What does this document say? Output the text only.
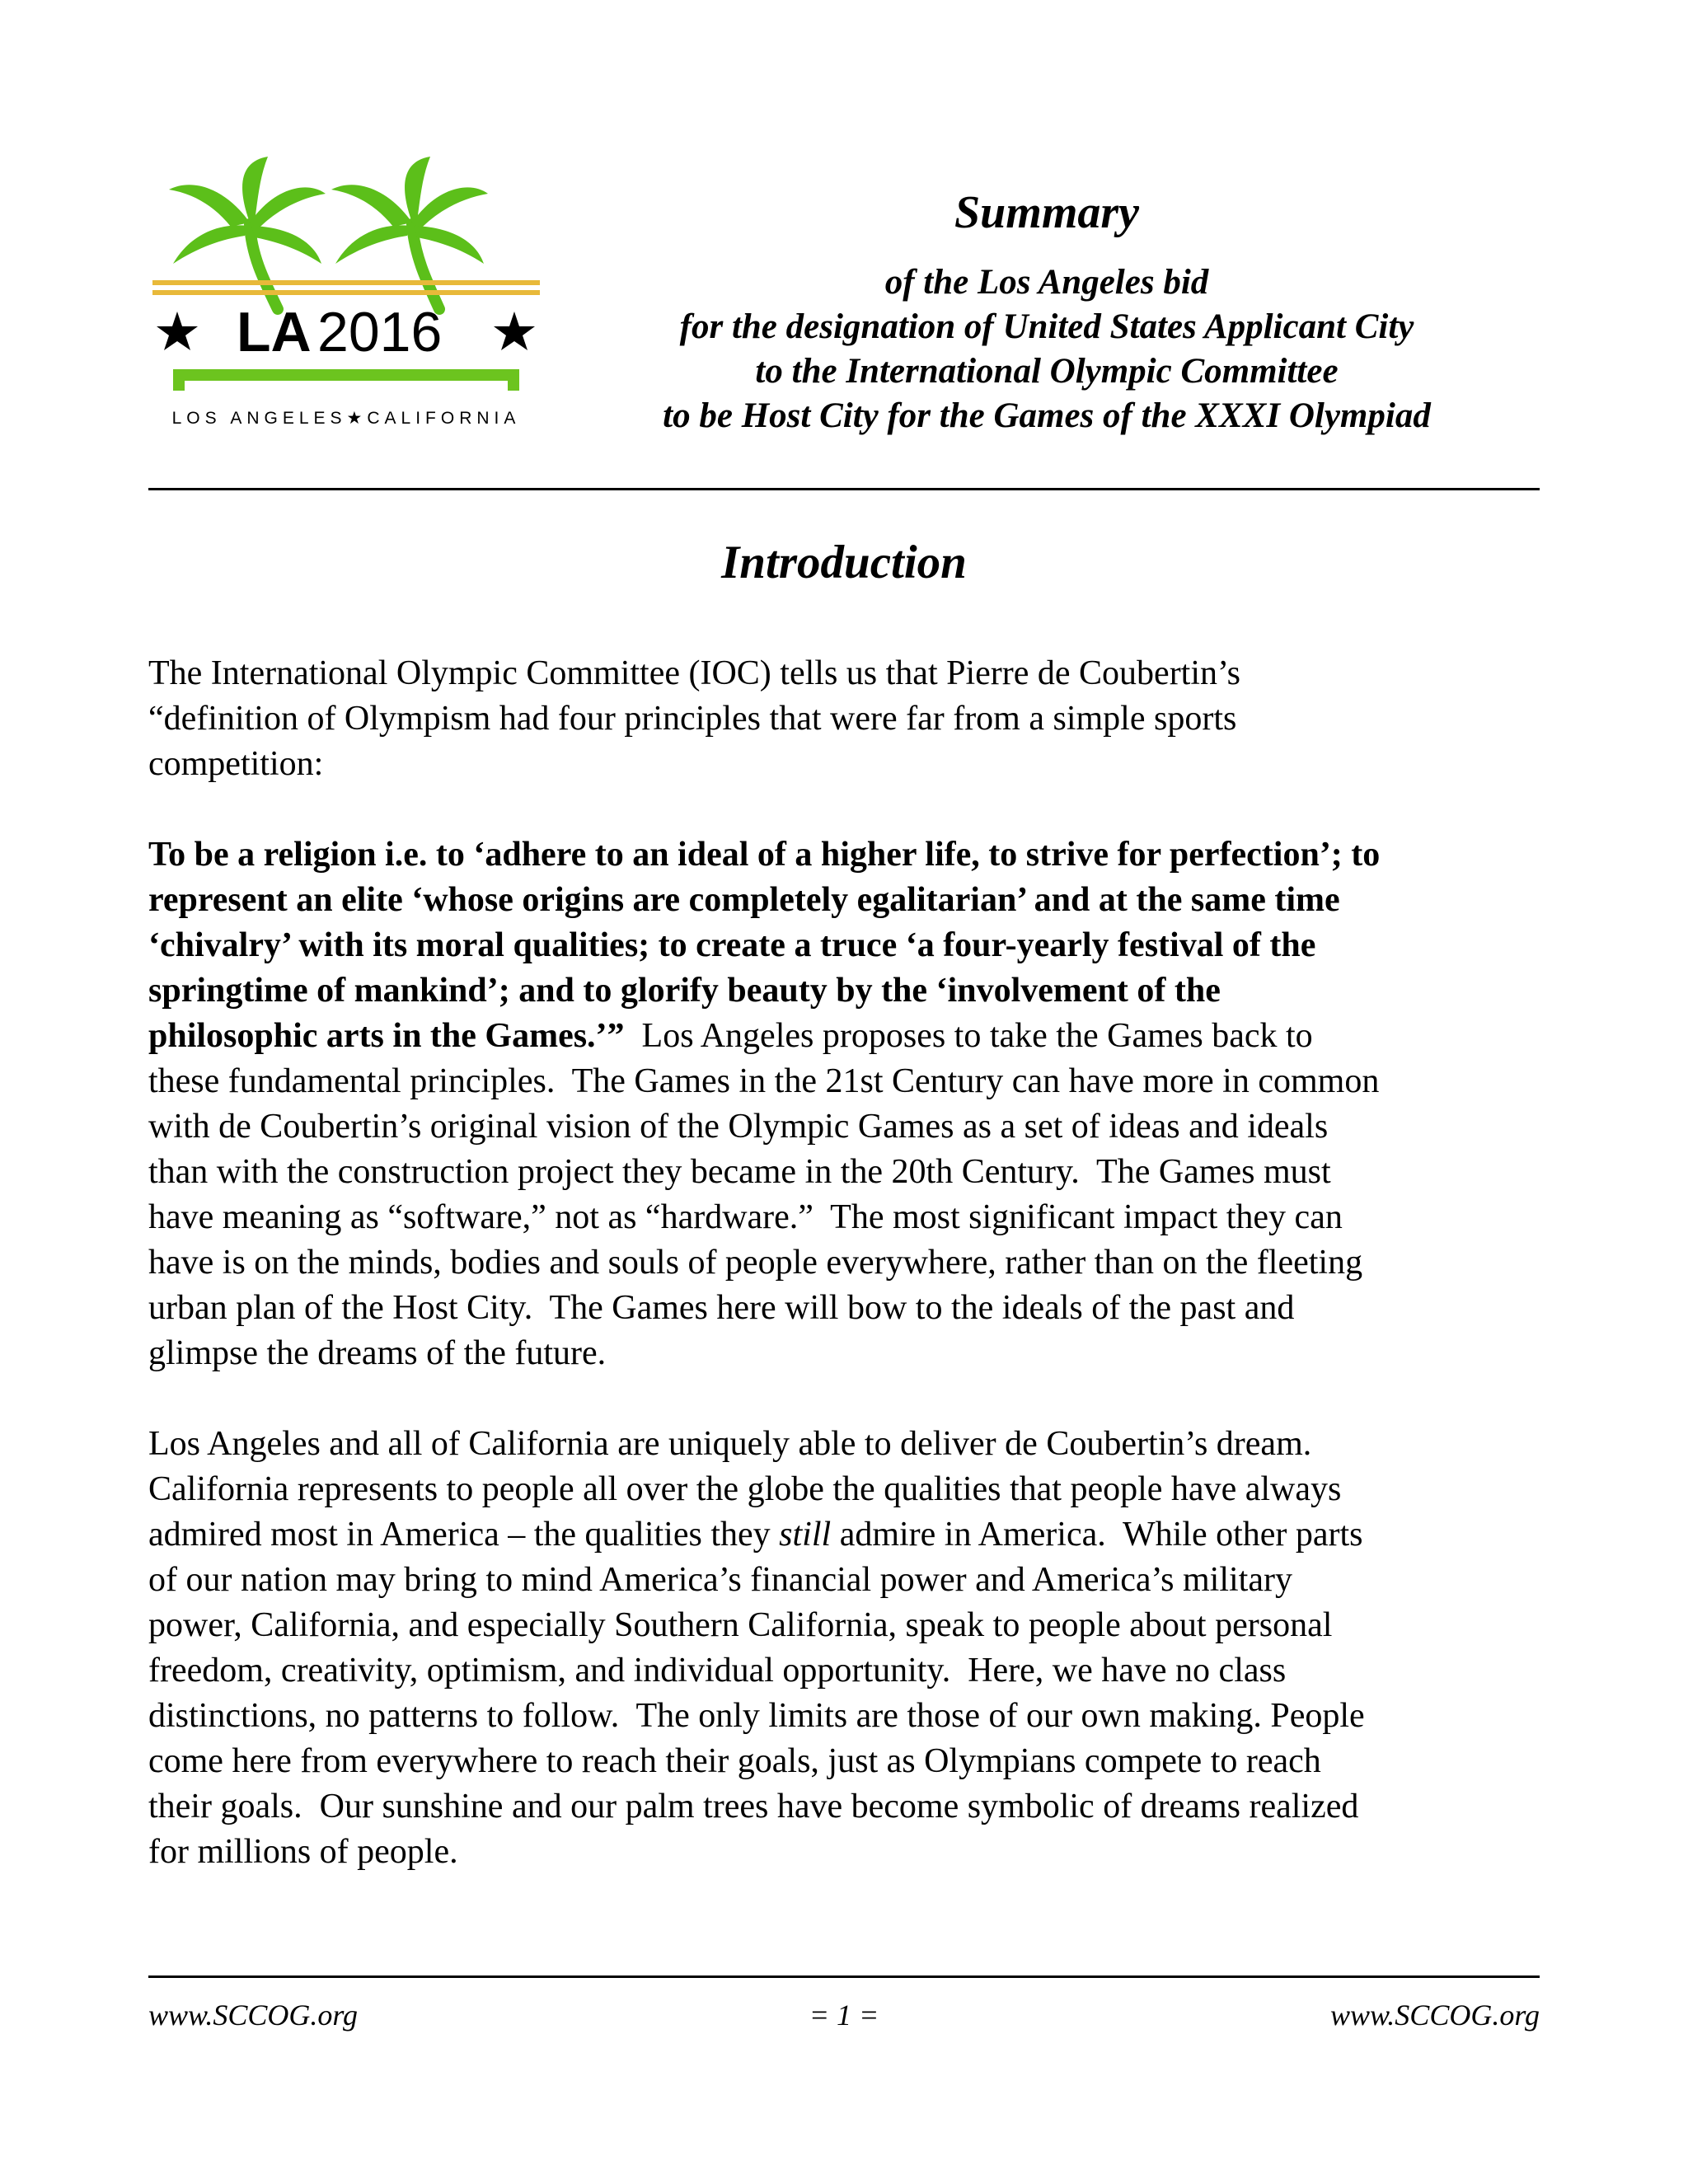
LA 2016
LOS ANGELES★CALIFORNIA
Summary
of the Los Angeles bid
for the designation of United States Applicant City
to the International Olympic Committee
to be Host City for the Games of the XXXI Olympiad
Introduction

The International Olympic Committee (IOC) tells us that Pierre de Coubertin’s
“definition of Olympism had four principles that were far from a simple sports
competition:

To be a religion i.e. to ‘adhere to an ideal of a higher life, to strive for perfection’; to
represent an elite ‘whose origins are completely egalitarian’ and at the same time
‘chivalry’ with its moral qualities; to create a truce ‘a four-yearly festival of the
springtime of mankind’; and to glorify beauty by the ‘involvement of the
philosophic arts in the Games.’”  Los Angeles proposes to take the Games back to
these fundamental principles.  The Games in the 21st Century can have more in common
with de Coubertin’s original vision of the Olympic Games as a set of ideas and ideals
than with the construction project they became in the 20th Century.  The Games must
have meaning as “software,” not as “hardware.”  The most significant impact they can
have is on the minds, bodies and souls of people everywhere, rather than on the fleeting
urban plan of the Host City.  The Games here will bow to the ideals of the past and
glimpse the dreams of the future.

Los Angeles and all of California are uniquely able to deliver de Coubertin’s dream.
California represents to people all over the globe the qualities that people have always
admired most in America – the qualities they still admire in America.  While other parts
of our nation may bring to mind America’s financial power and America’s military
power, California, and especially Southern California, speak to people about personal
freedom, creativity, optimism, and individual opportunity.  Here, we have no class
distinctions, no patterns to follow.  The only limits are those of our own making. People
come here from everywhere to reach their goals, just as Olympians compete to reach
their goals.  Our sunshine and our palm trees have become symbolic of dreams realized
for millions of people.

www.SCCOG.org	= 1 =	www.SCCOG.org
